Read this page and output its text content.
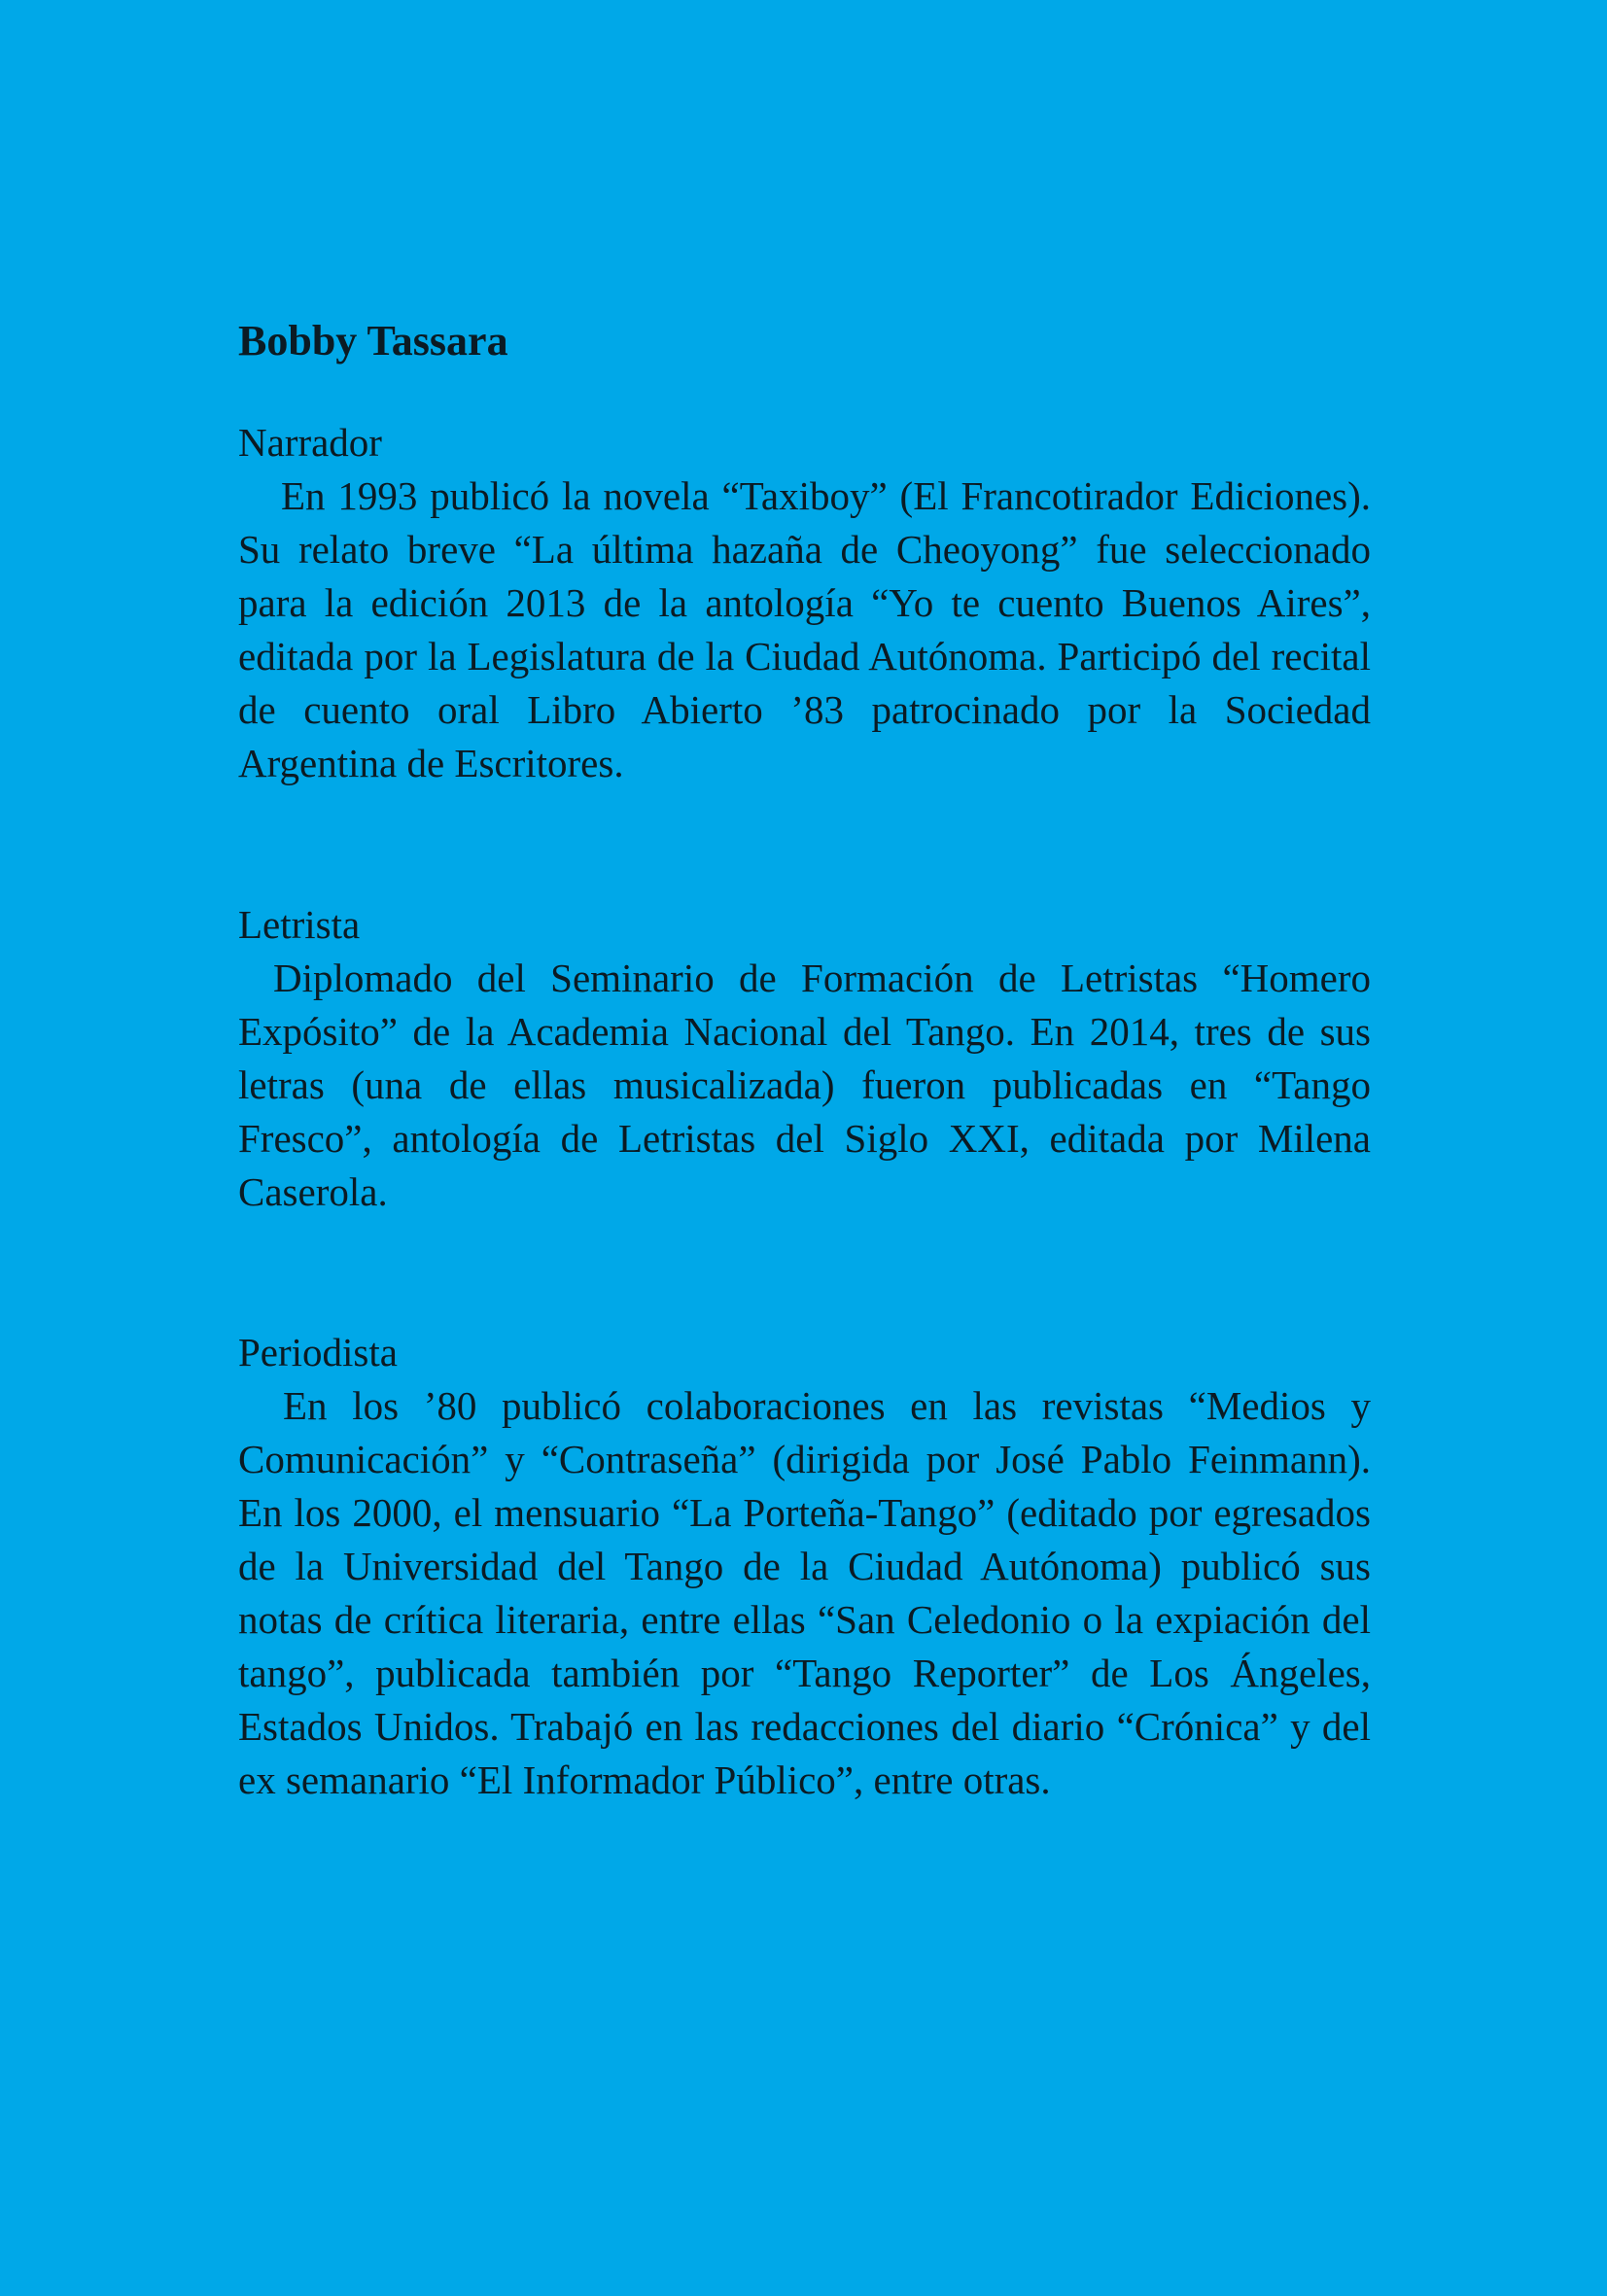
Bobby Tassara
Narrador

En 1993 publicó la novela “Taxiboy” (El Francotirador Ediciones). Su relato breve “La última hazaña de Cheoyong” fue seleccionado para la edición 2013 de la antología “Yo te cuento Buenos Aires”, editada por la Legislatura de la Ciudad Autónoma. Participó del recital de cuento oral Libro Abierto ’83 patrocinado por la Sociedad Argentina de Escritores.

Letrista

Diplomado del Seminario de Formación de Letristas “Homero Expósito” de la Academia Nacional del Tango. En 2014, tres de sus letras (una de ellas musicalizada) fueron publicadas en “Tango Fresco”, antología de Letristas del Siglo XXI, editada por Milena Caserola.

Periodista

En los ’80 publicó colaboraciones en las revistas “Medios y Comunicación” y “Contraseña” (dirigida por José Pablo Feinmann). En los 2000, el mensuario “La Porteña-Tango” (editado por egresados de la Universidad del Tango de la Ciudad Autónoma) publicó sus notas de crítica literaria, entre ellas “San Celedonio o la expiación del tango”, publicada también por “Tango Reporter” de Los Ángeles, Estados Unidos. Trabajó en las redacciones del diario “Crónica” y del ex semanario “El Informador Público”, entre otras.
